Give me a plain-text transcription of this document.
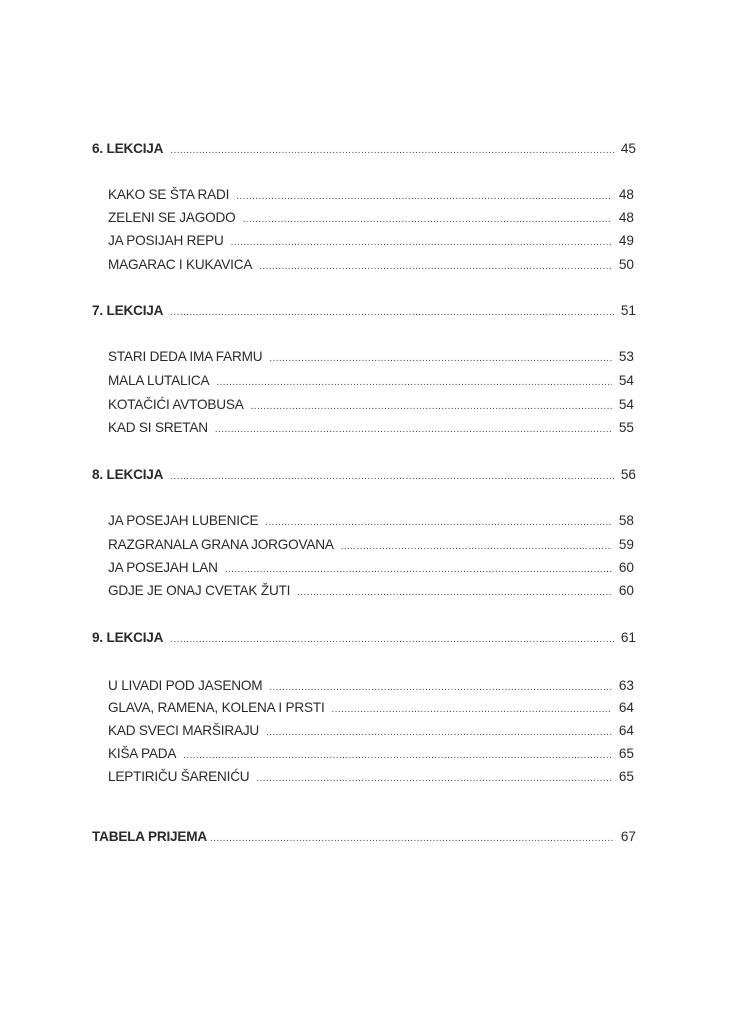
6. LEKCIJA .....	45
KAKO SE ŠTA RADI .....	48
ZELENI SE JAGODO .....	48
JA POSIJAH REPU .....	49
MAGARAC I KUKAVICA .....	50
7. LEKCIJA .....	51
STARI DEDA IMA FARMU .....	53
MALA LUTALICA .....	54
KOTAČIĆI AVTOBUSA .....	54
KAD SI SRETAN .....	55
8. LEKCIJA .....	56
JA POSEJAH LUBENICE .....	58
RAZGRANALA GRANA JORGOVANA .....	59
JA POSEJAH LAN .....	60
GDJE JE ONAJ CVETAK ŽUTI .....	60
9. LEKCIJA .....	61
U LIVADI POD JASENOM .....	63
GLAVA, RAMENA, KOLENA I PRSTI .....	64
KAD SVECI MARŠIRAJU .....	64
KIŠA PADA .....	65
LEPTIRIČU ŠARENIĆU .....	65
TABELA PRIJEMA .....	67
